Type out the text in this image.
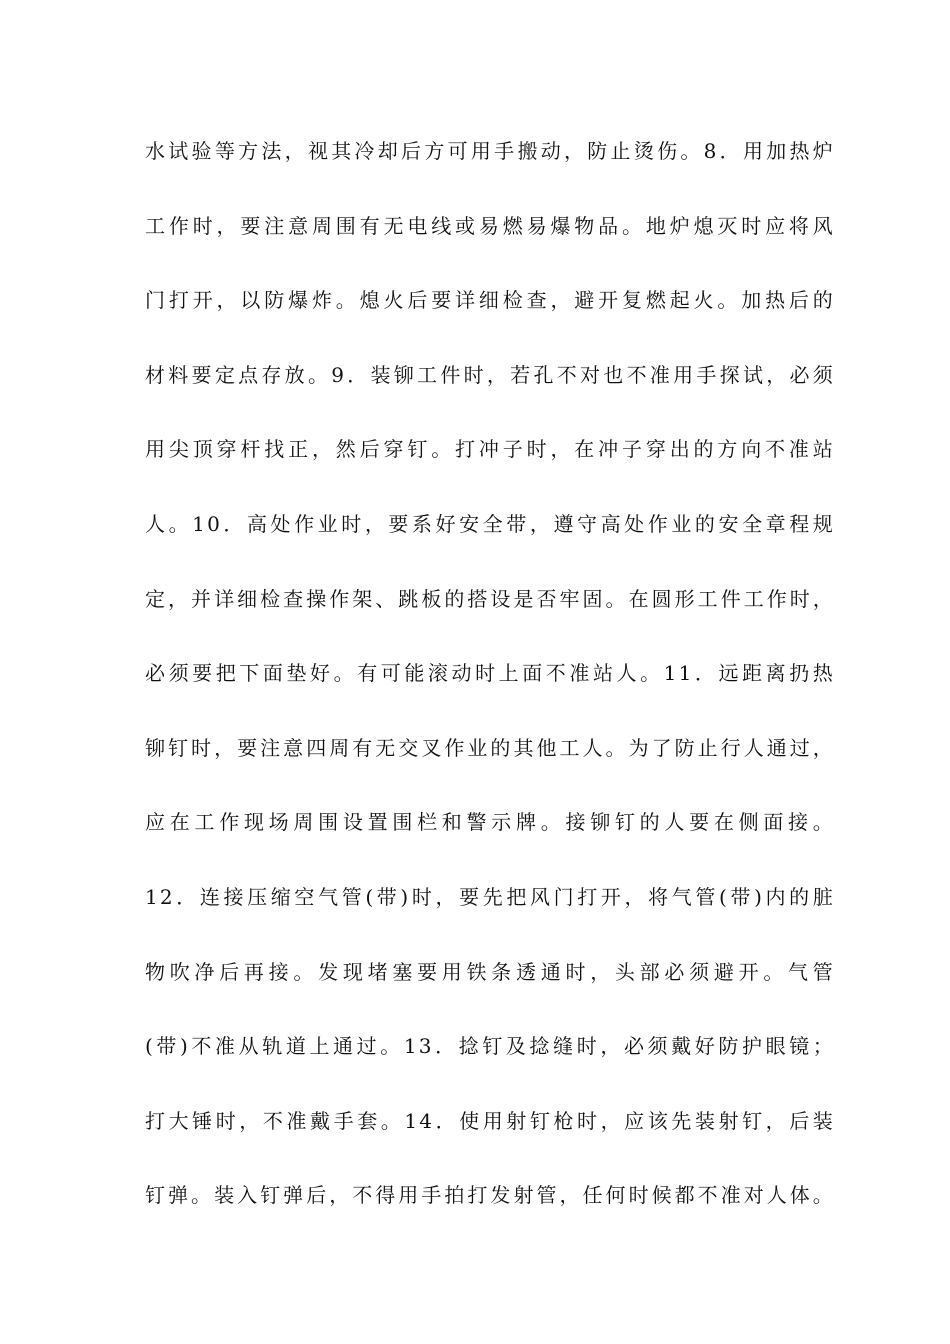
水试验等方法，视其冷却后方可用手搬动，防止烫伤。8．用加热炉
工作时，要注意周围有无电线或易燃易爆物品。地炉熄灭时应将风
门打开，以防爆炸。熄火后要详细检查，避开复燃起火。加热后的
材料要定点存放。9．装铆工件时，若孔不对也不准用手探试，必须
用尖顶穿杆找正，然后穿钉。打冲子时，在冲子穿出的方向不准站
人。10．高处作业时，要系好安全带，遵守高处作业的安全章程规
定，并详细检查操作架、跳板的搭设是否牢固。在圆形工件工作时，
必须要把下面垫好。有可能滚动时上面不准站人。11．远距离扔热
铆钉时，要注意四周有无交叉作业的其他工人。为了防止行人通过，
应在工作现场周围设置围栏和警示牌。接铆钉的人要在侧面接。
12．连接压缩空气管(带)时，要先把风门打开，将气管(带)内的脏
物吹净后再接。发现堵塞要用铁条透通时，头部必须避开。气管
(带)不准从轨道上通过。13．捻钉及捻缝时，必须戴好防护眼镜；
打大锤时，不准戴手套。14．使用射钉枪时，应该先装射钉，后装
钉弹。装入钉弹后，不得用手拍打发射管，任何时候都不准对人体。
